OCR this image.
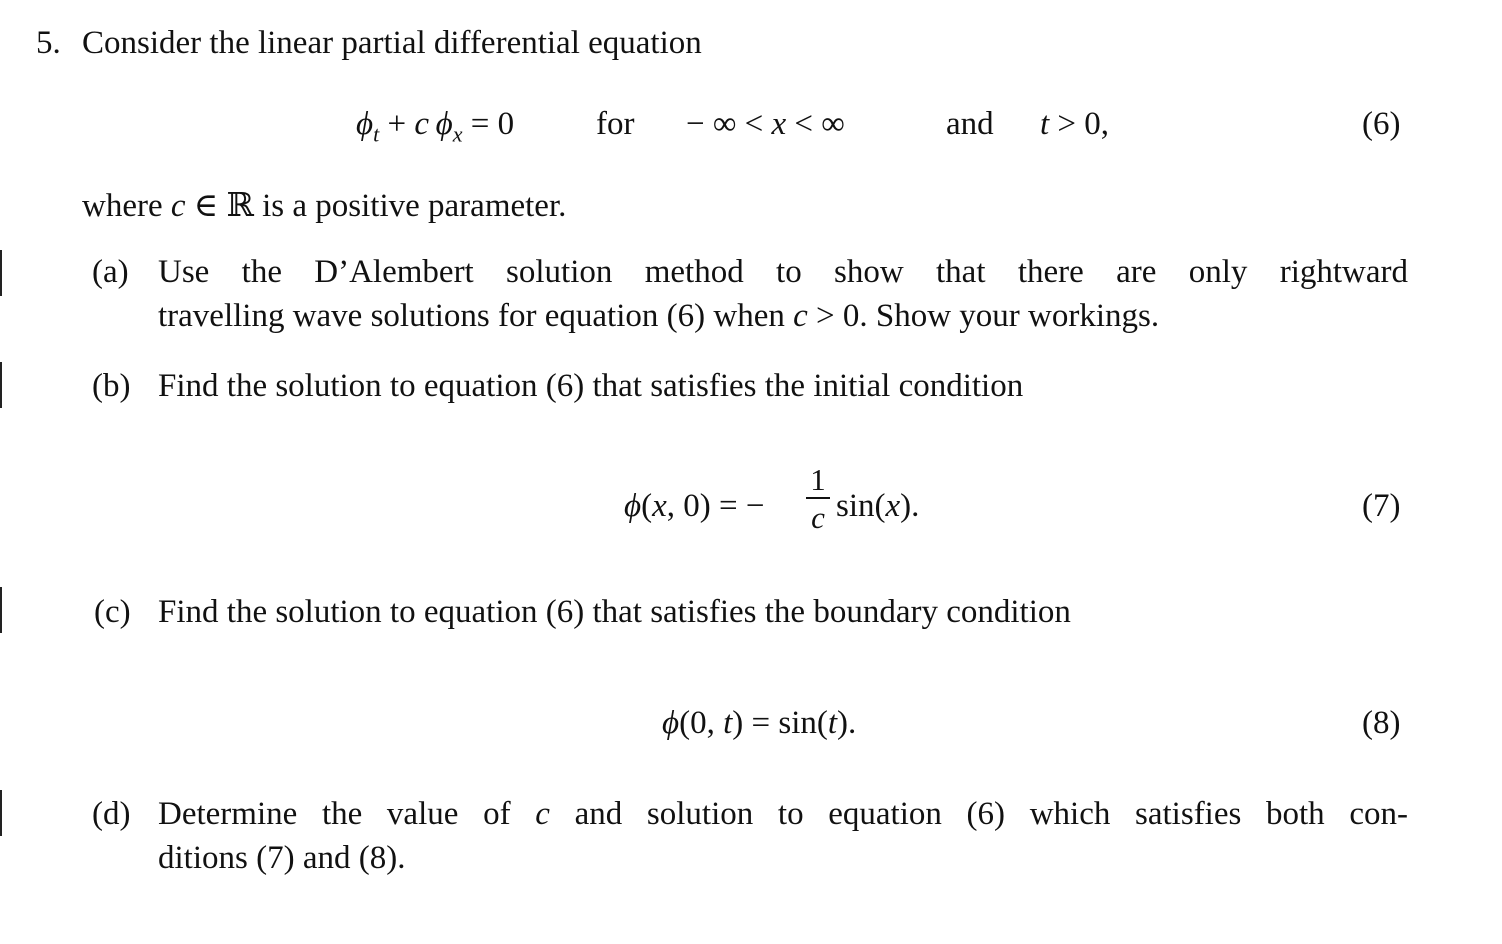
5. Consider the linear partial differential equation
$\phi_t + c$  $\phi_x = 0$ for − ∞ < x < ∞	and t > 0,	(6)
where c ∈ ℝ is a positive parameter.
(a) Use the D’Alembert solution method to show that there are only rightward
travelling wave solutions for equation (6) when c > 0. Show your workings.
(b) Find the solution to equation (6) that satisfies the initial condition
ϕ(x, 0) = −
1
c sin(x).	(7)
(c) Find the solution to equation (6) that satisfies the boundary condition
ϕ(0, t) = sin(t).	(8)
(d) Determine the value of c and solution to equation (6) which satisfies both con-
ditions (7) and (8).
